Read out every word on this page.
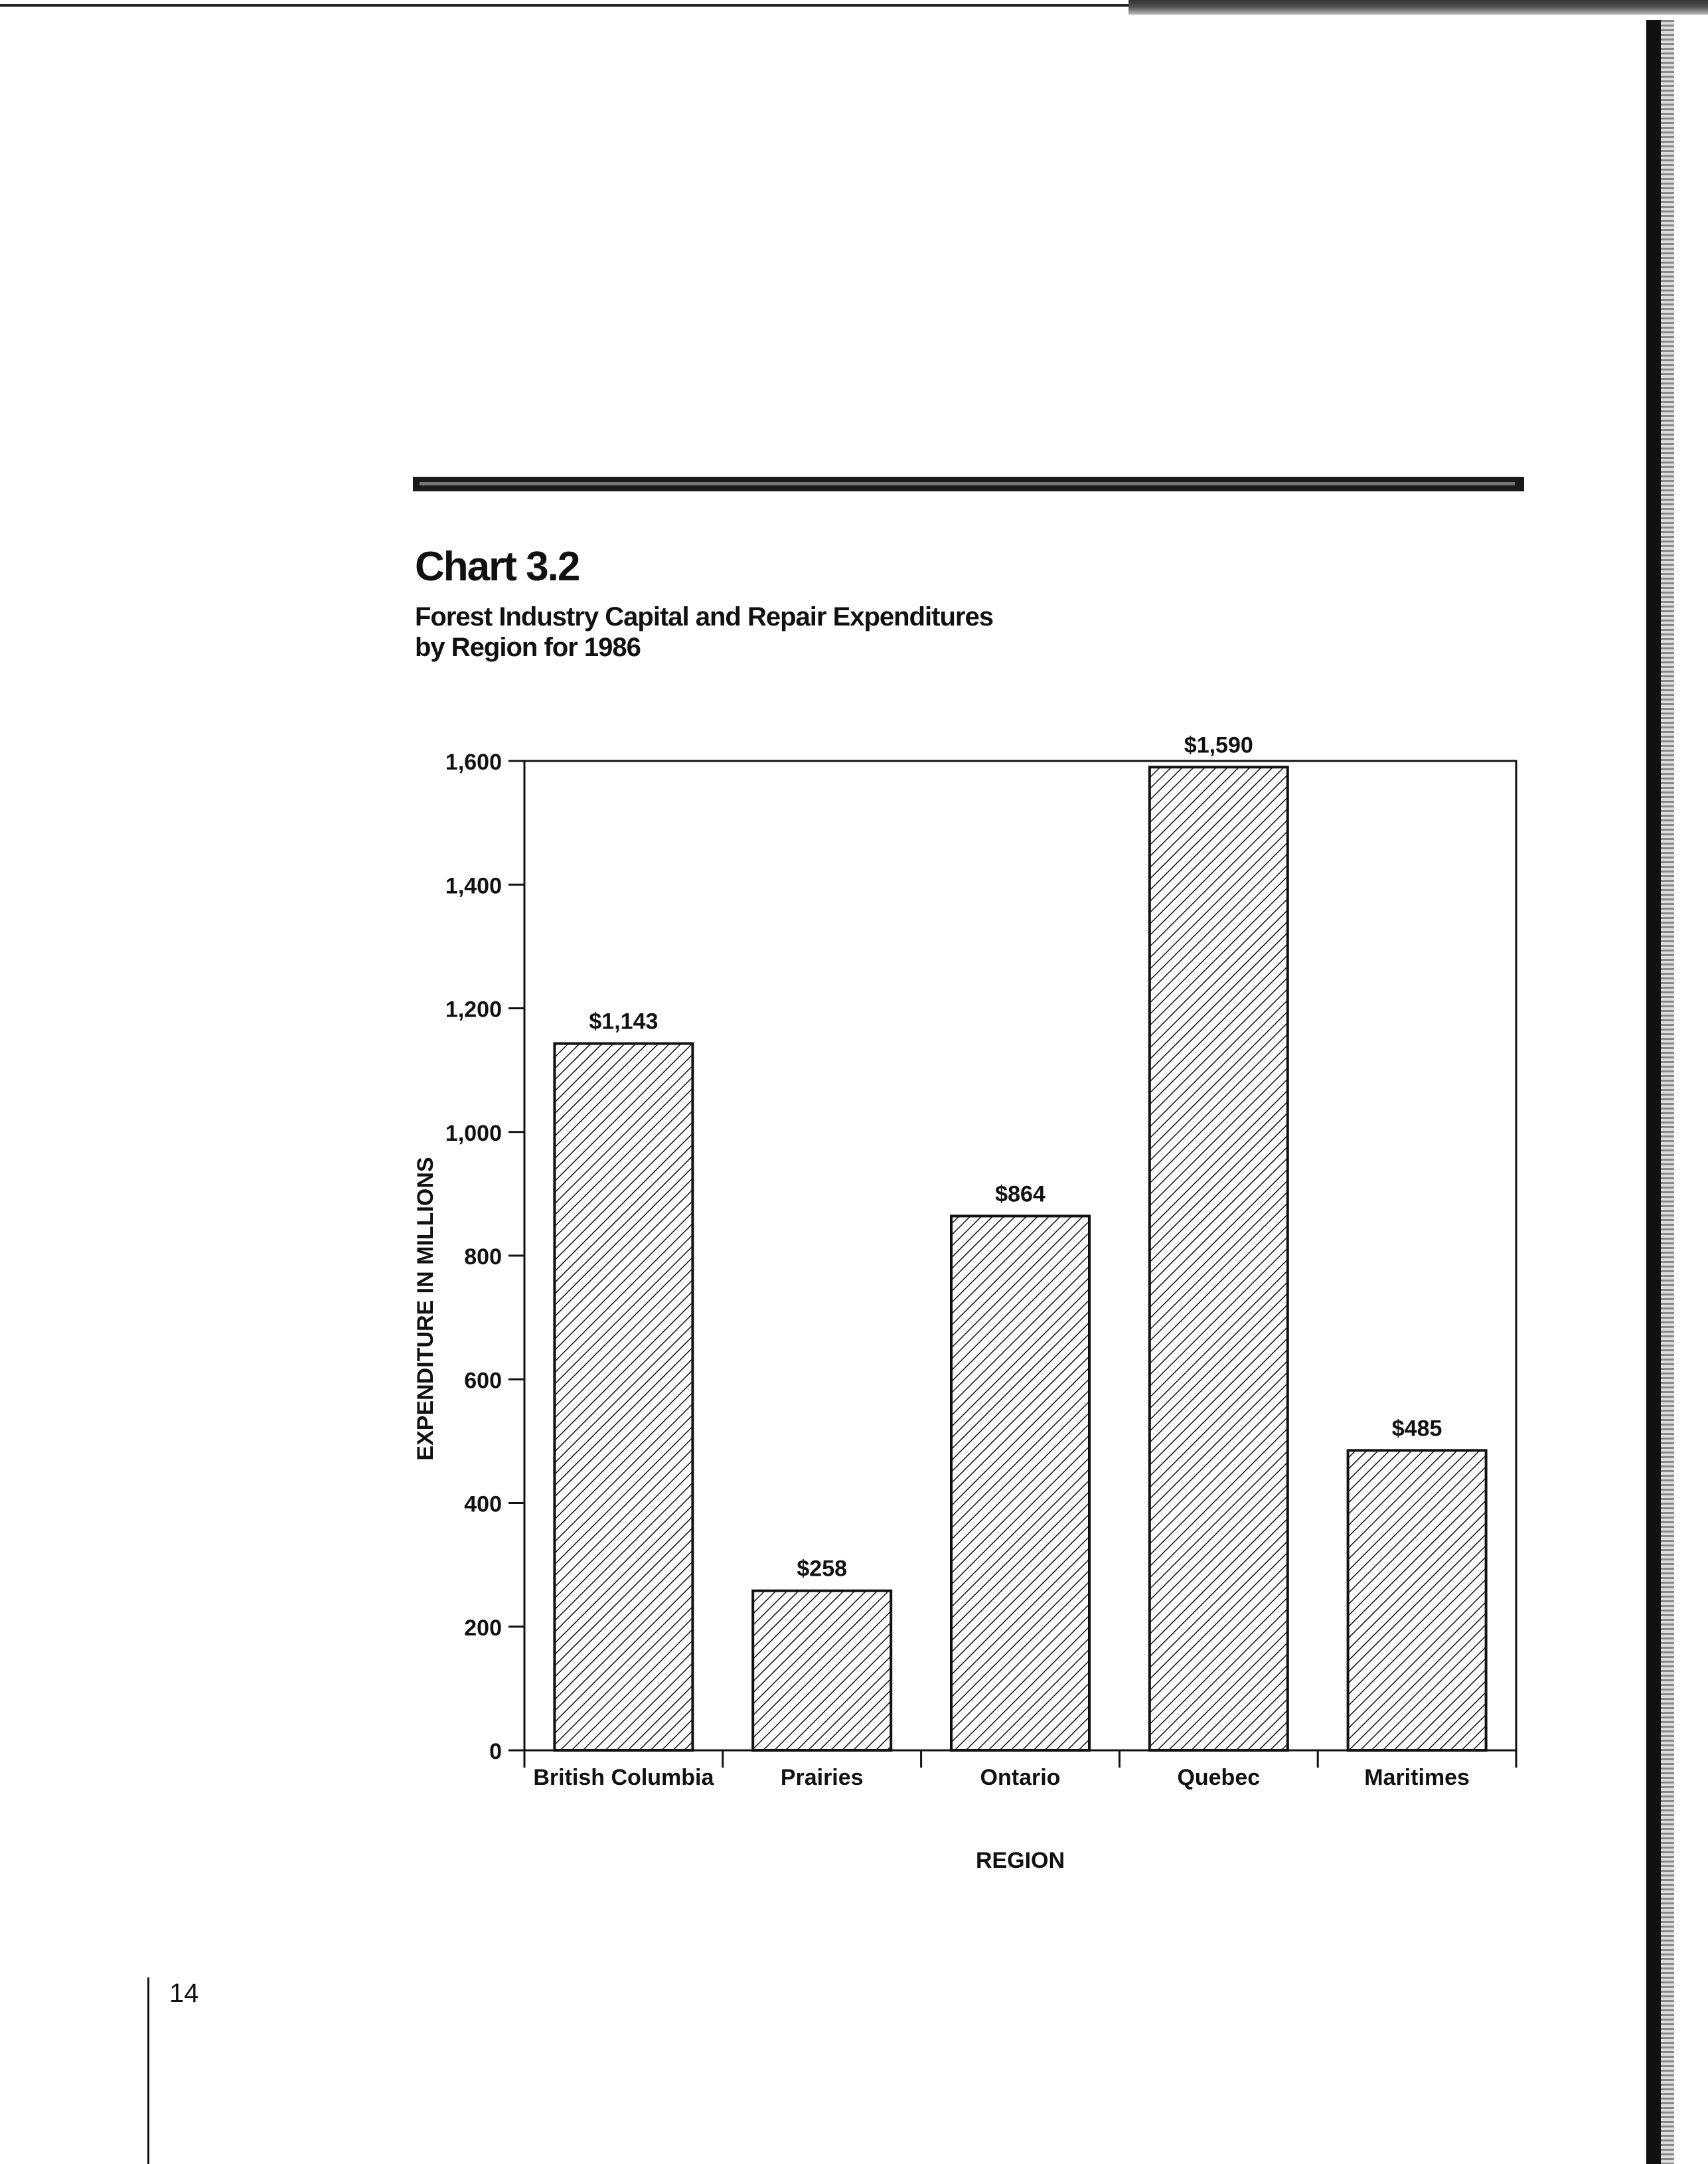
Chart 3.2
Forest Industry Capital and Repair Expenditures
by Region for 1986
0
200
400
600
800
1,000
1,200
1,400
1,600
$1,143
British Columbia
$258
Prairies
$864
Ontario
$1,590
Quebec
$485
Maritimes
REGION
EXPENDITURE IN MILLIONS
14
